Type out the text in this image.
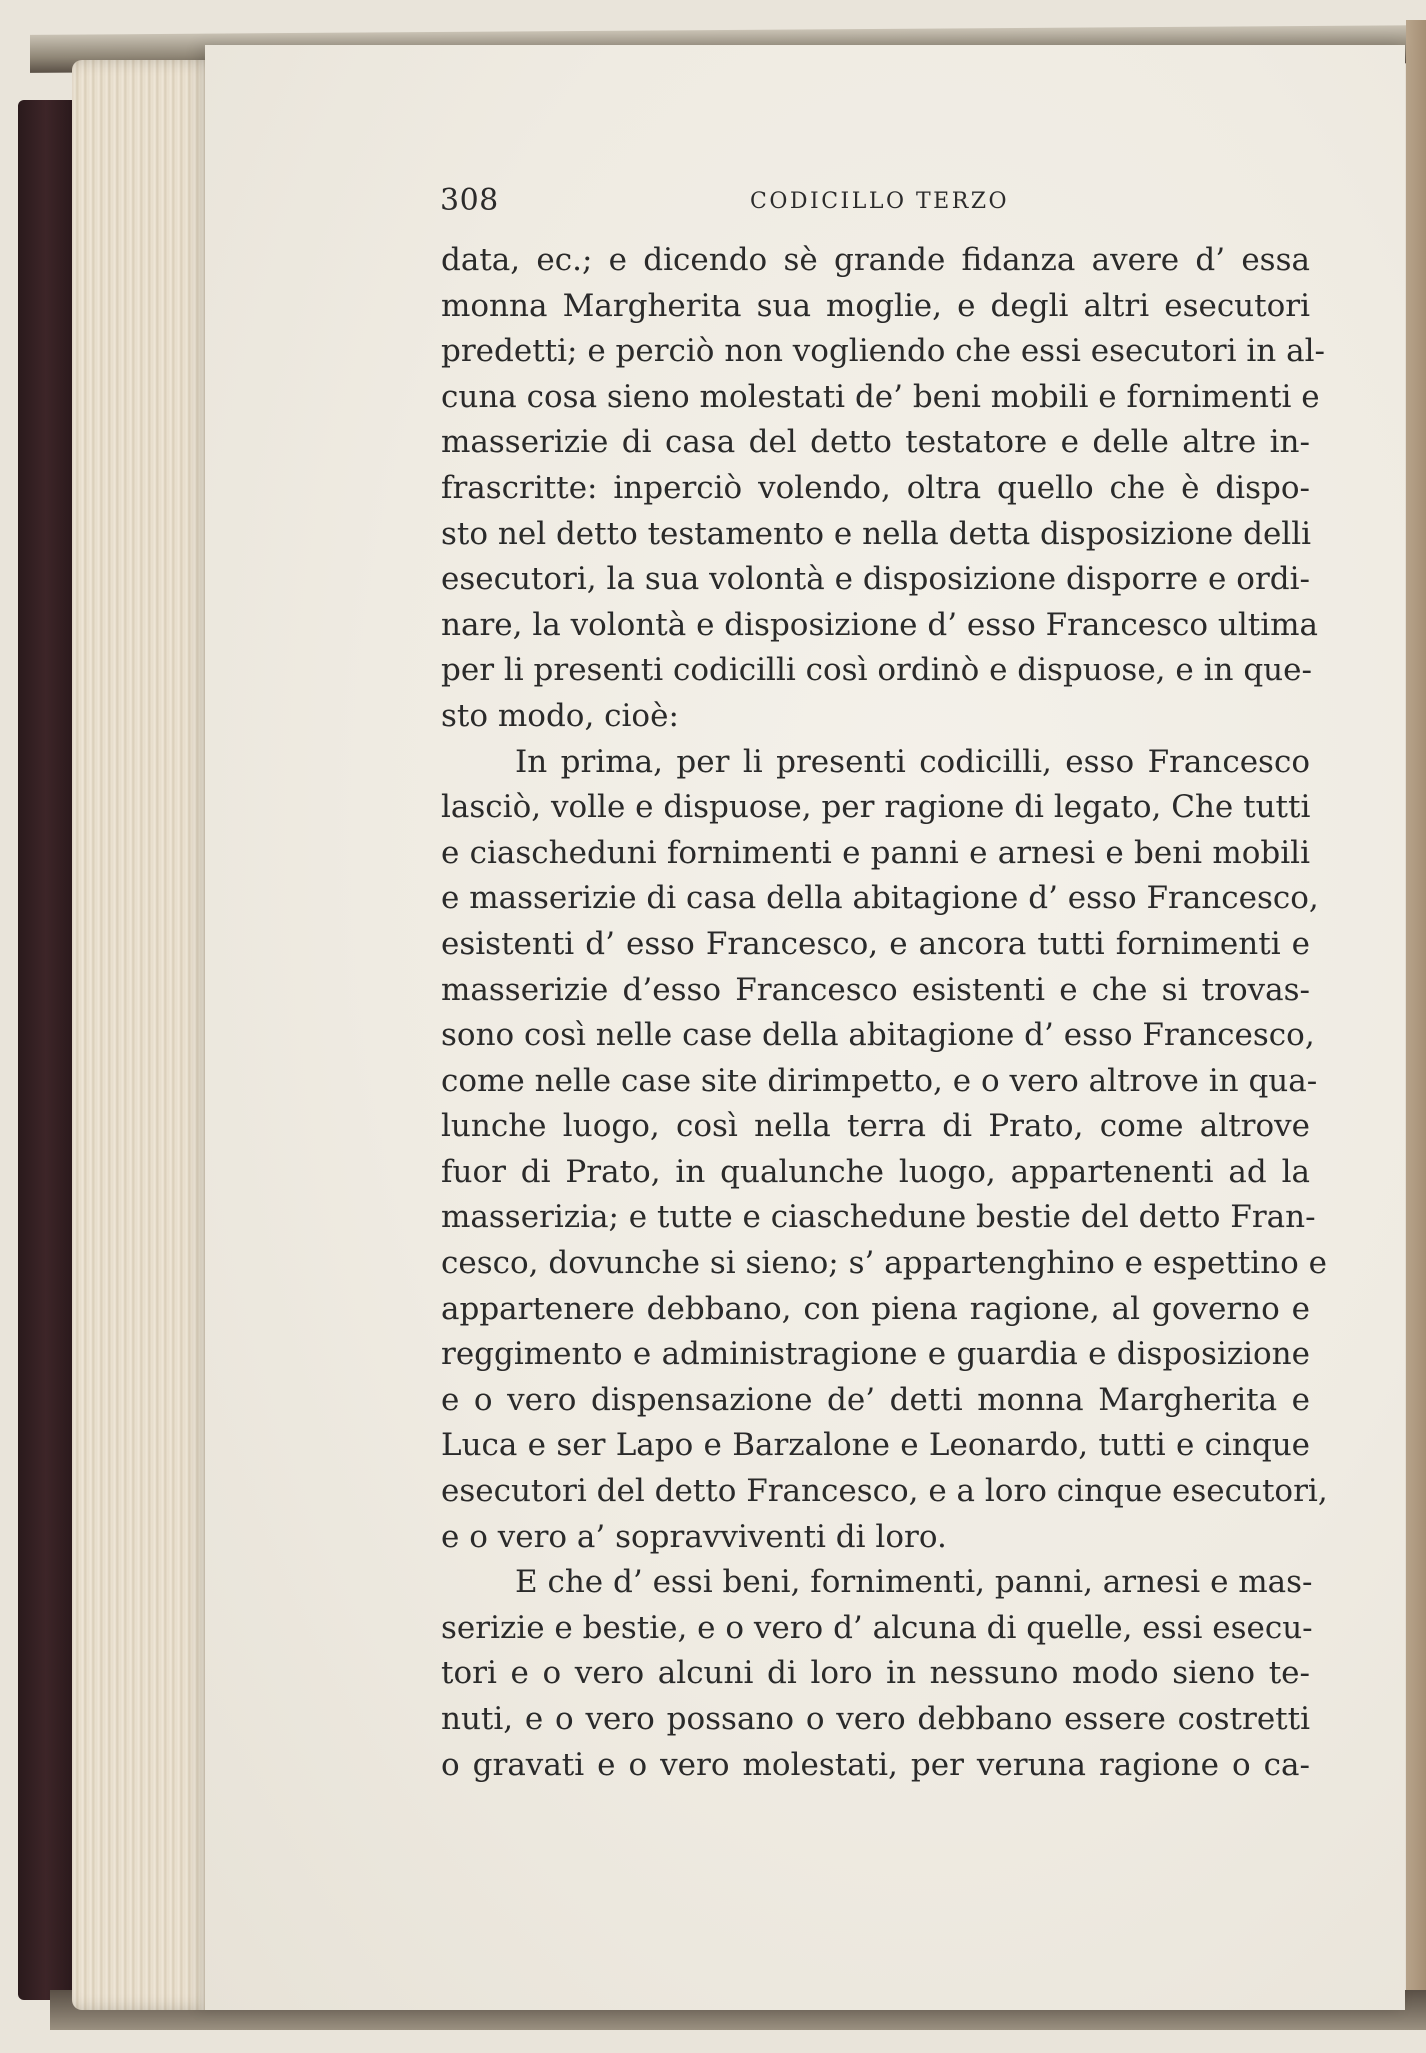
308	CODICILLO TERZO
data, ec.; e dicendo sè grande fidanza avere d’ essa
monna Margherita sua moglie, e degli altri esecutori
predetti; e perciò non vogliendo che essi esecutori in al-
cuna cosa sieno molestati de’ beni mobili e fornimenti e
masserizie di casa del detto testatore e delle altre in-
frascritte: inperciò volendo, oltra quello che è dispo-
sto nel detto testamento e nella detta disposizione delli
esecutori, la sua volontà e disposizione disporre e ordi-
nare, la volontà e disposizione d’ esso Francesco ultima
per li presenti codicilli così ordinò e dispuose, e in que-
sto modo, cioè:
In prima, per li presenti codicilli, esso Francesco
lasciò, volle e dispuose, per ragione di legato, Che tutti
e ciascheduni fornimenti e panni e arnesi e beni mobili
e masserizie di casa della abitagione d’ esso Francesco,
esistenti d’ esso Francesco, e ancora tutti fornimenti e
masserizie d’esso Francesco esistenti e che si trovas-
sono così nelle case della abitagione d’ esso Francesco,
come nelle case site dirimpetto, e o vero altrove in qua-
lunche luogo, così nella terra di Prato, come altrove
fuor di Prato, in qualunche luogo, appartenenti ad la
masserizia; e tutte e ciaschedune bestie del detto Fran-
cesco, dovunche si sieno; s’ appartenghino e espettino e
appartenere debbano, con piena ragione, al governo e
reggimento e administragione e guardia e disposizione
e o vero dispensazione de’ detti monna Margherita e
Luca e ser Lapo e Barzalone e Leonardo, tutti e cinque
esecutori del detto Francesco, e a loro cinque esecutori,
e o vero a’ sopravviventi di loro.
E che d’ essi beni, fornimenti, panni, arnesi e mas-
serizie e bestie, e o vero d’ alcuna di quelle, essi esecu-
tori e o vero alcuni di loro in nessuno modo sieno te-
nuti, e o vero possano o vero debbano essere costretti
o gravati e o vero molestati, per veruna ragione o ca-
